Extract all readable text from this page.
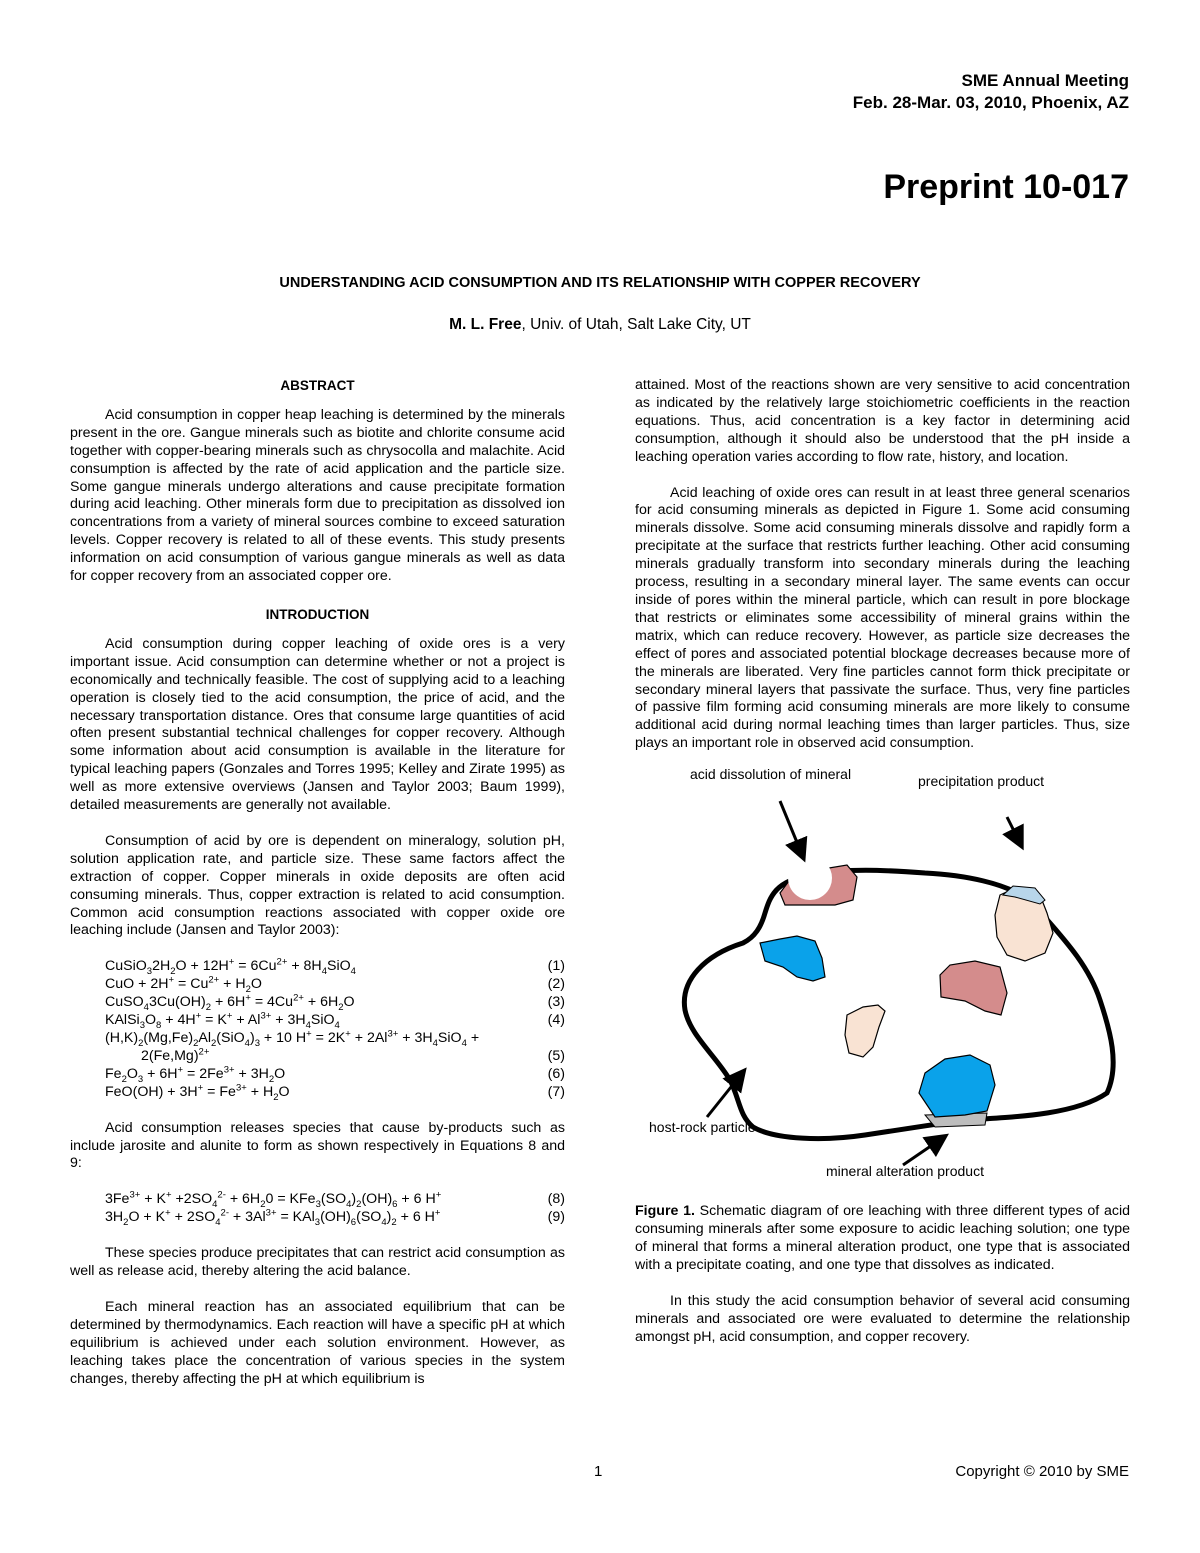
SME Annual Meeting
Feb. 28-Mar. 03, 2010, Phoenix, AZ
Preprint 10-017
UNDERSTANDING ACID CONSUMPTION AND ITS RELATIONSHIP WITH COPPER RECOVERY
M. L. Free, Univ. of Utah, Salt Lake City, UT
ABSTRACT

Acid consumption in copper heap leaching is determined by the minerals present in the ore. Gangue minerals such as biotite and chlorite consume acid together with copper-bearing minerals such as chrysocolla and malachite. Acid consumption is affected by the rate of acid application and the particle size. Some gangue minerals undergo alterations and cause precipitate formation during acid leaching. Other minerals form due to precipitation as dissolved ion concentrations from a variety of mineral sources combine to exceed saturation levels. Copper recovery is related to all of these events. This study presents information on acid consumption of various gangue minerals as well as data for copper recovery from an associated copper ore.

INTRODUCTION

Acid consumption during copper leaching of oxide ores is a very important issue. Acid consumption can determine whether or not a project is economically and technically feasible. The cost of supplying acid to a leaching operation is closely tied to the acid consumption, the price of acid, and the necessary transportation distance. Ores that consume large quantities of acid often present substantial technical challenges for copper recovery. Although some information about acid consumption is available in the literature for typical leaching papers (Gonzales and Torres 1995; Kelley and Zirate 1995) as well as more extensive overviews (Jansen and Taylor 2003; Baum 1999), detailed measurements are generally not available.

Consumption of acid by ore is dependent on mineralogy, solution pH, solution application rate, and particle size. These same factors affect the extraction of copper. Copper minerals in oxide deposits are often acid consuming minerals. Thus, copper extraction is related to acid consumption. Common acid consumption reactions associated with copper oxide ore leaching include (Jansen and Taylor 2003):

$CuSiO_32H_2O + 12H^+ = 6Cu^{2+} + 8H_4SiO_4$	(1)
CuO + $2H^+ = Cu^{2+} + H_2O$	(2)
$CuSO_43Cu(OH)_2 + 6H^+ = 4Cu^{2+} + 6H_2O$	(3)
$KAlSi_3O_8 + 4H^+ = K^+ + Al^{3+} + 3H_4SiO_4$	(4)
$(H,K)_2(Mg,Fe)_2Al_2(SiO_4)_3 + 10$ $H^+ = 2K^+ + 2Al^{3+} + 3H_4SiO_4$ +
$2(Fe,Mg)^{2+}$	(5)
$Fe_2O_3 + 6H^+ = 2Fe^{3+} + 3H_2O$	(6)
$FeO(OH) + 3H^+ = Fe^{3+} + H_2O$	(7)

Acid consumption releases species that cause by-products such as include jarosite and alunite to form as shown respectively in Equations 8 and 9:

$3Fe^{3+} + K^+ +2SO_4^{2-} + 6H_20 = KFe_3(SO_4)_2(OH)_6 + 6$ H+	(8)
$3H_2O + K^+ + 2SO_4^{2-} + 3Al^{3+} = KAl_3(OH)_6(SO_4)_2 + 6$ H+	(9)

These species produce precipitates that can restrict acid consumption as well as release acid, thereby altering the acid balance.

Each mineral reaction has an associated equilibrium that can be determined by thermodynamics. Each reaction will have a specific pH at which equilibrium is achieved under each solution environment. However, as leaching takes place the concentration of various species in the system changes, thereby affecting the pH at which equilibrium is

attained. Most of the reactions shown are very sensitive to acid concentration as indicated by the relatively large stoichiometric coefficients in the reaction equations. Thus, acid concentration is a key factor in determining acid consumption, although it should also be understood that the pH inside a leaching operation varies according to flow rate, history, and location.

Acid leaching of oxide ores can result in at least three general scenarios for acid consuming minerals as depicted in Figure 1. Some acid consuming minerals dissolve. Some acid consuming minerals dissolve and rapidly form a precipitate at the surface that restricts further leaching. Other acid consuming minerals gradually transform into secondary minerals during the leaching process, resulting in a secondary mineral layer. The same events can occur inside of pores within the mineral particle, which can result in pore blockage that restricts or eliminates some accessibility of mineral grains within the matrix, which can reduce recovery. However, as particle size decreases the effect of pores and associated potential blockage decreases because more of the minerals are liberated. Very fine particles cannot form thick precipitate or secondary mineral layers that passivate the surface. Thus, very fine particles of passive film forming acid consuming minerals are more likely to consume additional acid during normal leaching times than larger particles. Thus, size plays an important role in observed acid consumption.

acid dissolution of mineral	precipitation product
host-rock particle
mineral alteration product

Figure 1. Schematic diagram of ore leaching with three different types of acid consuming minerals after some exposure to acidic leaching solution; one type of mineral that forms a mineral alteration product, one type that is associated with a precipitate coating, and one type that dissolves as indicated.

In this study the acid consumption behavior of several acid consuming minerals and associated ore were evaluated to determine the relationship amongst pH, acid consumption, and copper recovery.

1	Copyright © 2010 by SME
